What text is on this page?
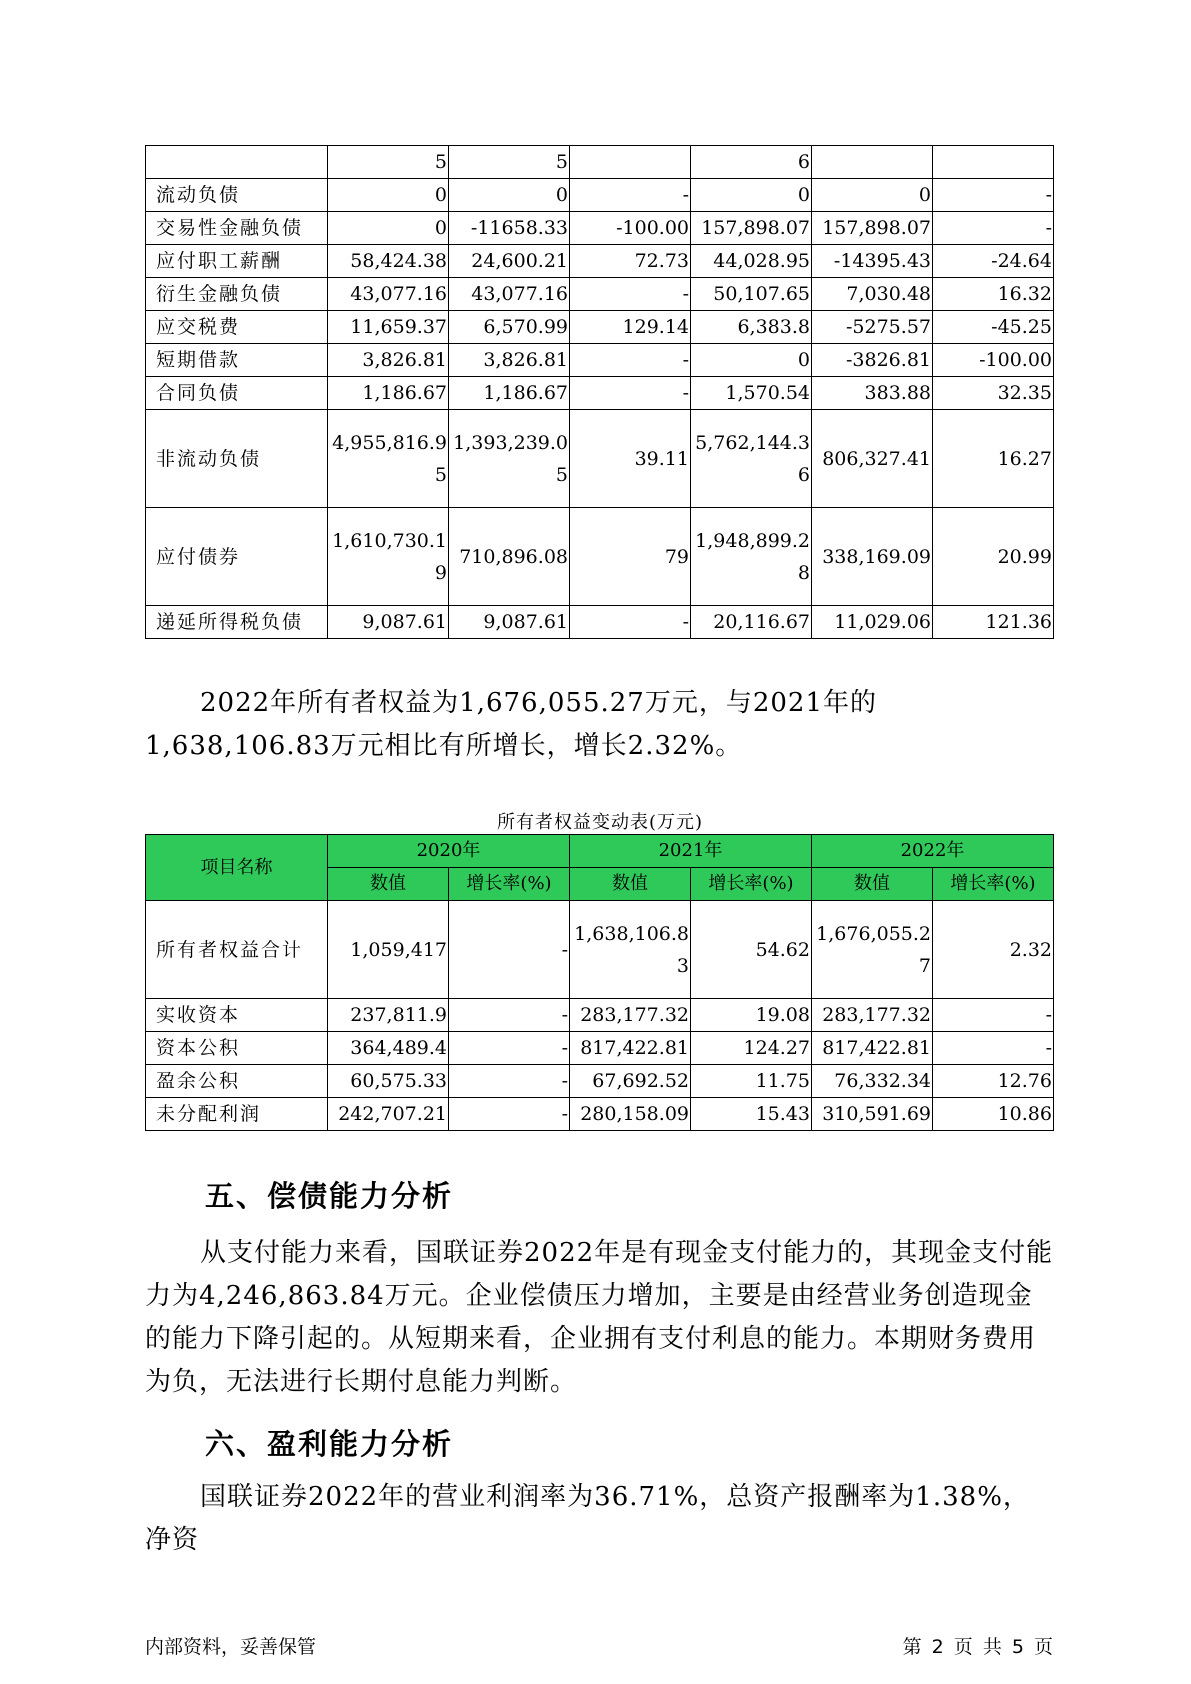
	5	5		6		
流动负债	0	0	-	0	0	-
交易性金融负债	0	-11658.33	-100.00	157,898.07	157,898.07	-
应付职工薪酬	58,424.38	24,600.21	72.73	44,028.95	-14395.43	-24.64
衍生金融负债	43,077.16	43,077.16	-	50,107.65	7,030.48	16.32
应交税费	11,659.37	6,570.99	129.14	6,383.8	-5275.57	-45.25
短期借款	3,826.81	3,826.81	-	0	-3826.81	-100.00
合同负债	1,186.67	1,186.67	-	1,570.54	383.88	32.35
非流动负债	4,955,816.95	1,393,239.05	39.11	5,762,144.36	806,327.41	16.27
应付债券	1,610,730.19	710,896.08	79	1,948,899.28	338,169.09	20.99
递延所得税负债	9,087.61	9,087.61	-	20,116.67	11,029.06	121.36

2022年所有者权益为1,676,055.27万元，与2021年的1,638,106.83万元相比有所增长，增长2.32%。

所有者权益变动表(万元)

项目名称	2020年		2021年		2022年	
	数值	增长率(%)	数值	增长率(%)	数值	增长率(%)
所有者权益合计	1,059,417	-	1,638,106.83	54.62	1,676,055.27	2.32
实收资本	237,811.9	-	283,177.32	19.08	283,177.32	-
资本公积	364,489.4	-	817,422.81	124.27	817,422.81	-
盈余公积	60,575.33	-	67,692.52	11.75	76,332.34	12.76
未分配利润	242,707.21	-	280,158.09	15.43	310,591.69	10.86
五、偿债能力分析

从支付能力来看，国联证券2022年是有现金支付能力的，其现金支付能力为4,246,863.84万元。企业偿债压力增加，主要是由经营业务创造现金的能力下降引起的。从短期来看，企业拥有支付利息的能力。本期财务费用为负，无法进行长期付息能力判断。

六、盈利能力分析

国联证券2022年的营业利润率为36.71%，总资产报酬率为1.38%，净资

内部资料，妥善保管	第 2 页 共 5 页
